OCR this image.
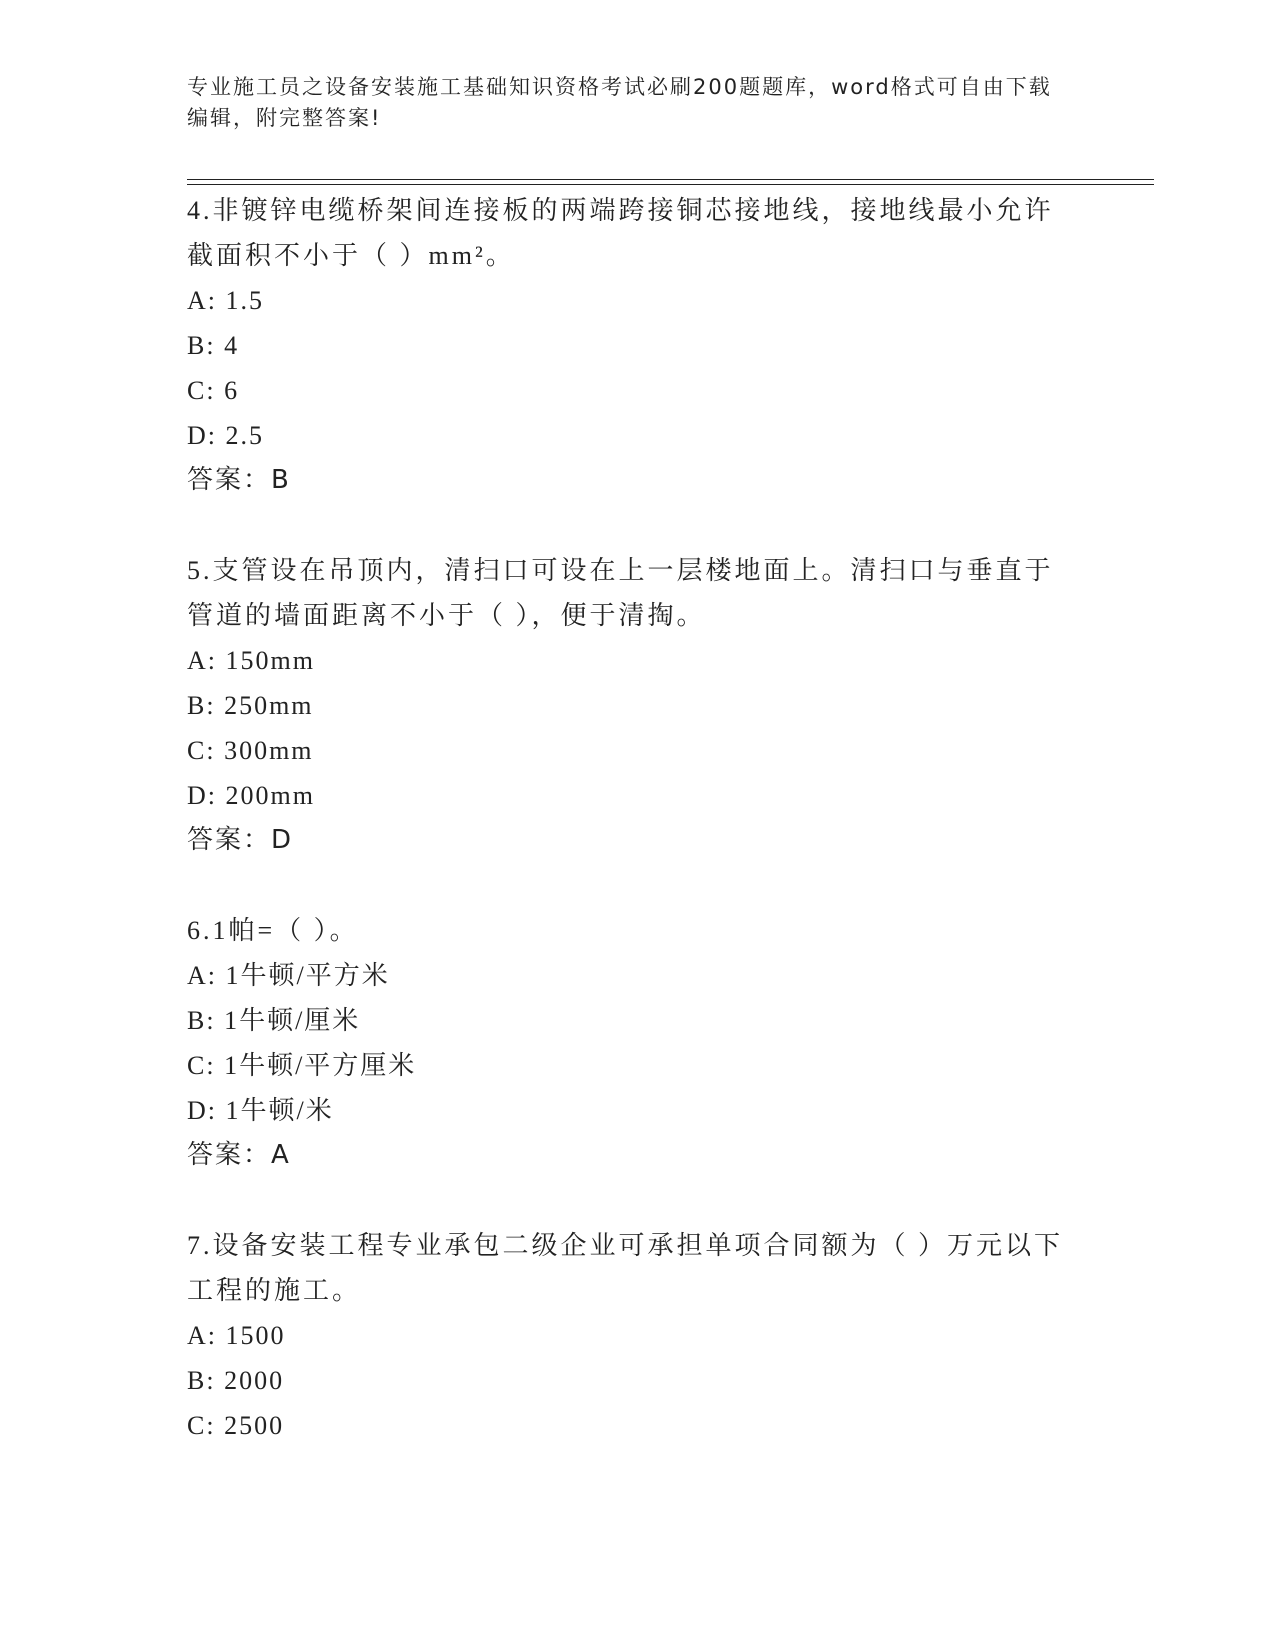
专业施工员之设备安装施工基础知识资格考试必刷200题题库，word格式可自由下载编辑，附完整答案!
4.非镀锌电缆桥架间连接板的两端跨接铜芯接地线，接地线最小允许截面积不小于（ ）mm²。
A: 1.5
B: 4
C: 6
D: 2.5
答案：B
5.支管设在吊顶内，清扫口可设在上一层楼地面上。清扫口与垂直于管道的墙面距离不小于（ ），便于清掏。
A: 150mm
B: 250mm
C: 300mm
D: 200mm
答案：D
6.1帕=（ ）。
A: 1牛顿/平方米
B: 1牛顿/厘米
C: 1牛顿/平方厘米
D: 1牛顿/米
答案：A
7.设备安装工程专业承包二级企业可承担单项合同额为（ ）万元以下工程的施工。
A: 1500
B: 2000
C: 2500
